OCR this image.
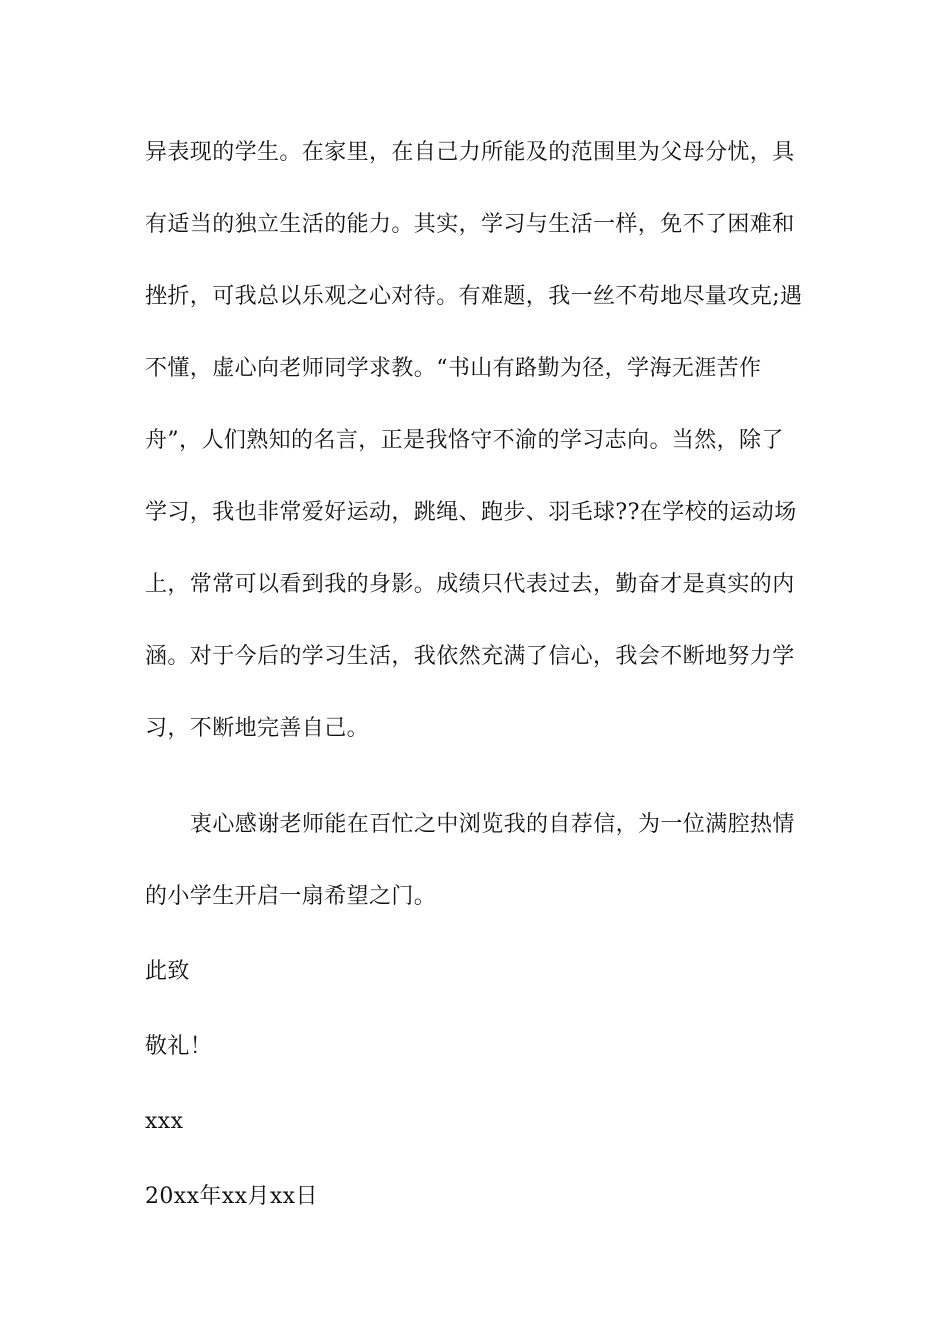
异表现的学生。在家里，在自己力所能及的范围里为父母分忧，具
有适当的独立生活的能力。其实，学习与生活一样，免不了困难和
挫折，可我总以乐观之心对待。有难题，我一丝不苟地尽量攻克;遇
不懂，虚心向老师同学求教。“书山有路勤为径，学海无涯苦作
舟”，人们熟知的名言，正是我恪守不渝的学习志向。当然，除了
学习，我也非常爱好运动，跳绳、跑步、羽毛球??在学校的运动场
上，常常可以看到我的身影。成绩只代表过去，勤奋才是真实的内
涵。对于今后的学习生活，我依然充满了信心，我会不断地努力学
习，不断地完善自己。
衷心感谢老师能在百忙之中浏览我的自荐信，为一位满腔热情
的小学生开启一扇希望之门。
此致
敬礼！
xxx
20xx年xx月xx日
